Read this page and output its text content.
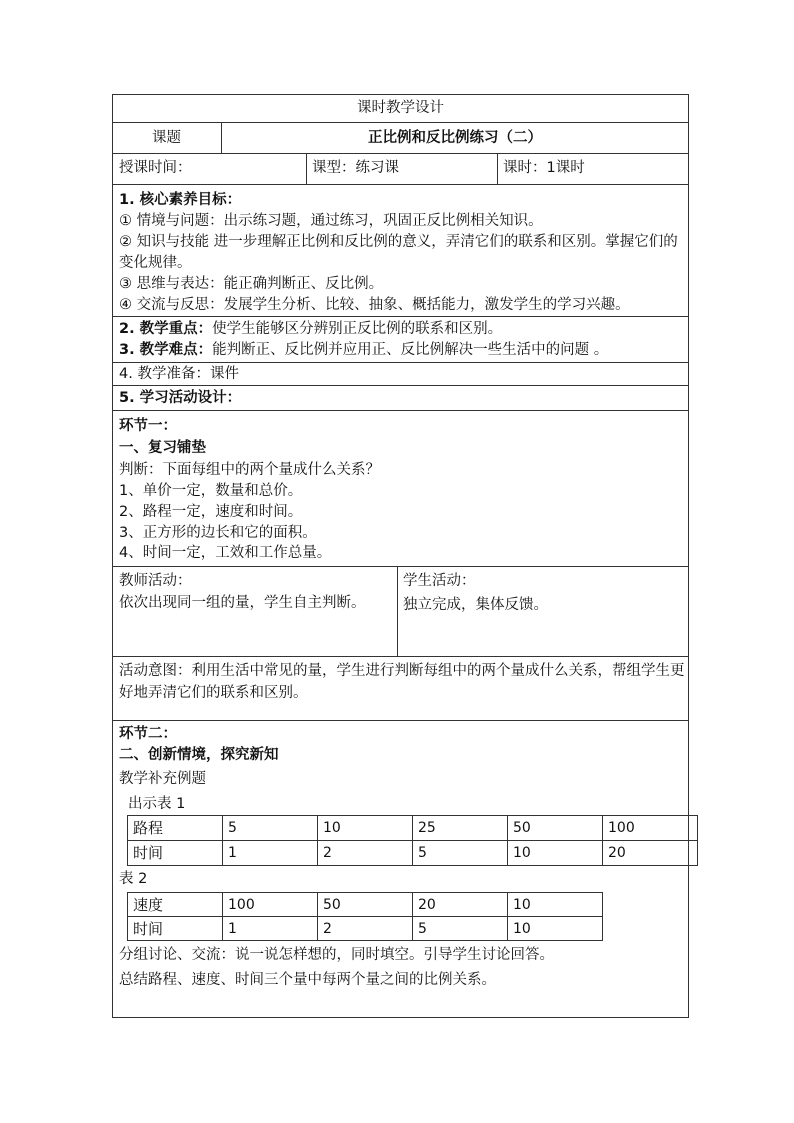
课时教学设计
课题	正比例和反比例练习（二）
授课时间：	课型：练习课	课时：1课时
1. 核心素养目标：
① 情境与问题：出示练习题，通过练习，巩固正反比例相关知识。
② 知识与技能 进一步理解正比例和反比例的意义，弄清它们的联系和区别。掌握它们的变化规律。
③ 思维与表达：能正确判断正、反比例。
④ 交流与反思：发展学生分析、比较、抽象、概括能力，激发学生的学习兴趣。
2. 教学重点：使学生能够区分辨别正反比例的联系和区别。
3. 教学难点：能判断正、反比例并应用正、反比例解决一些生活中的问题 。
4. 教学准备：课件
5. 学习活动设计：
环节一：
一、复习铺垫
判断：下面每组中的两个量成什么关系？
1、单价一定，数量和总价。
2、路程一定，速度和时间。
3、正方形的边长和它的面积。
4、时间一定，工效和工作总量。
教师活动：
依次出现同一组的量，学生自主判断。
学生活动：
独立完成，集体反馈。
活动意图：利用生活中常见的量，学生进行判断每组中的两个量成什么关系，帮组学生更好地弄清它们的联系和区别。
环节二：
二、创新情境，探究新知
教学补充例题
出示表 1
路程	5	10	25	50	100
时间	1	2	5	10	20
表 2
速度	100	50	20	10
时间	1	2	5	10
分组讨论、交流：说一说怎样想的，同时填空。引导学生讨论回答。
总结路程、速度、时间三个量中每两个量之间的比例关系。
